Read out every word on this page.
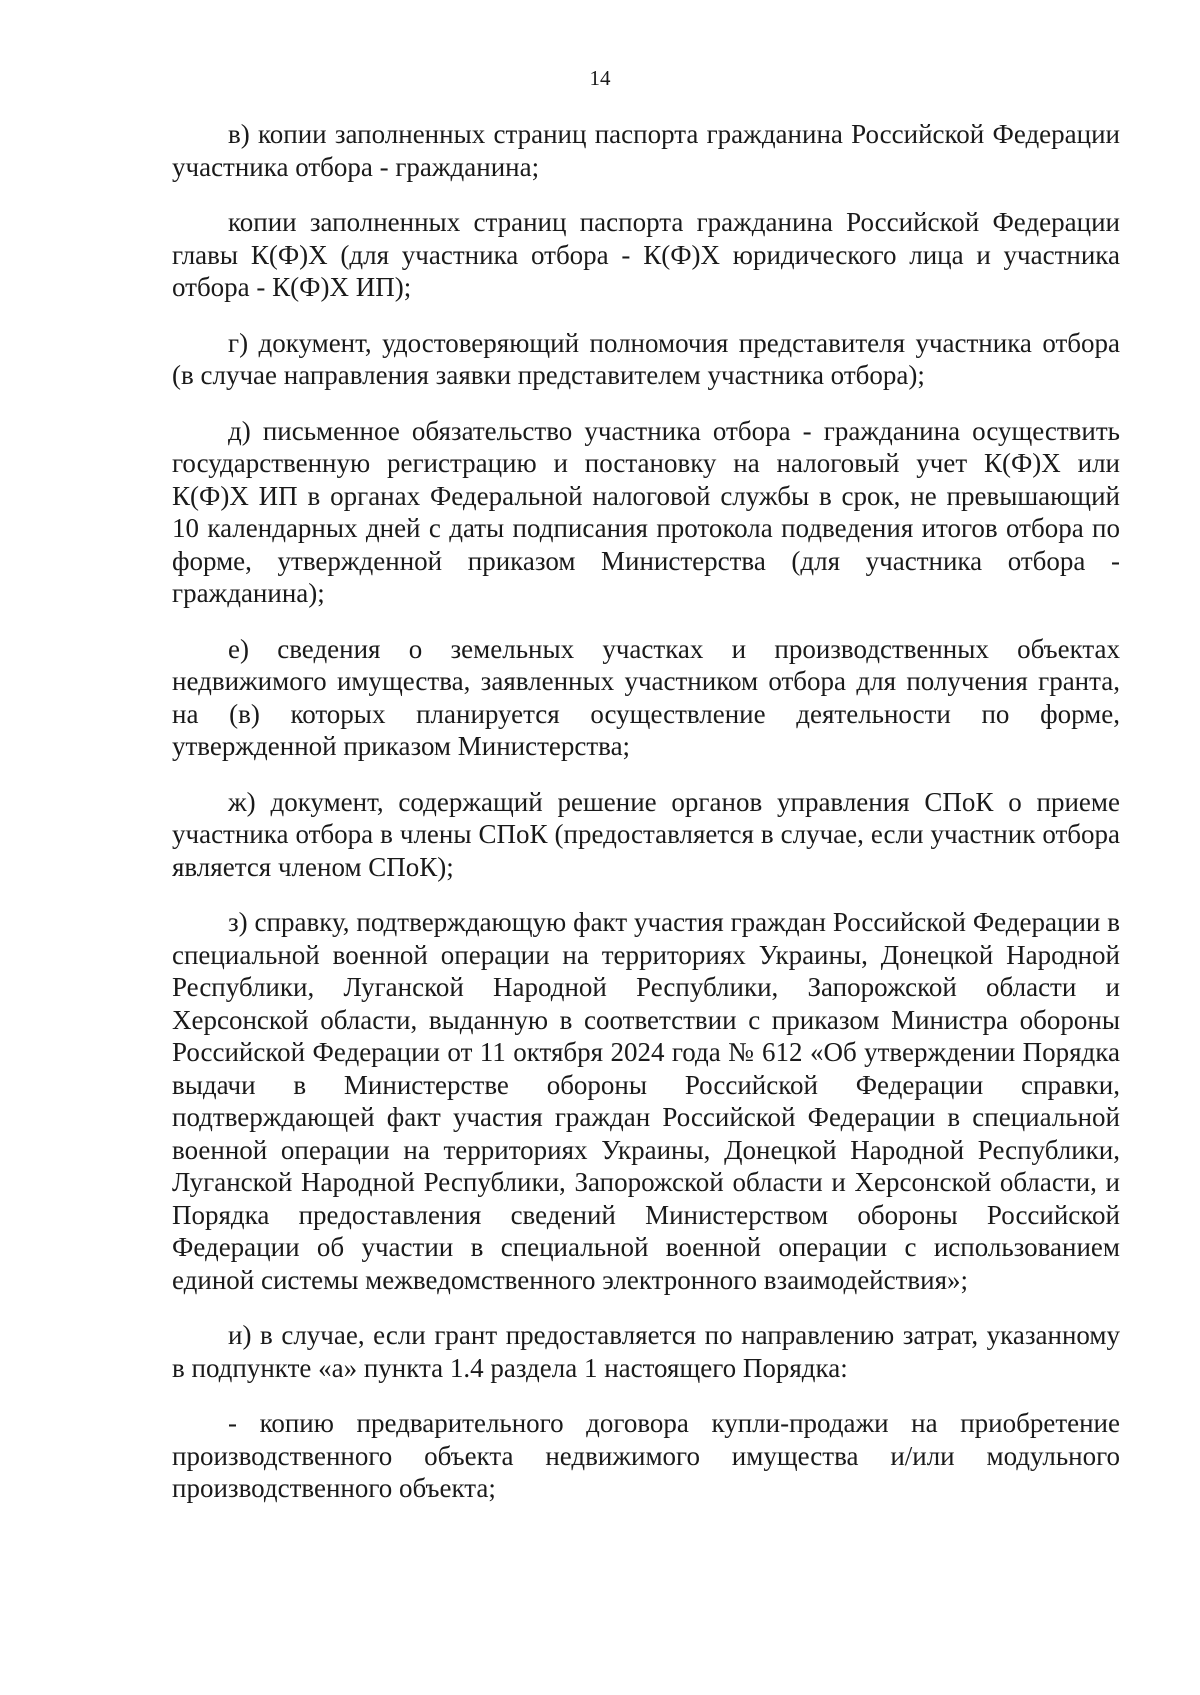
14

в) копии заполненных страниц паспорта гражданина Российской Федерации участника отбора - гражданина;

копии заполненных страниц паспорта гражданина Российской Федерации главы К(Ф)Х (для участника отбора - К(Ф)Х юридического лица и участника отбора - К(Ф)Х ИП);

г) документ, удостоверяющий полномочия представителя участника отбора (в случае направления заявки представителем участника отбора);

д) письменное обязательство участника отбора - гражданина осуществить государственную регистрацию и постановку на налоговый учет К(Ф)Х или К(Ф)Х ИП в органах Федеральной налоговой службы в срок, не превышающий 10 календарных дней с даты подписания протокола подведения итогов отбора по форме, утвержденной приказом Министерства (для участника отбора - гражданина);

е) сведения о земельных участках и производственных объектах недвижимого имущества, заявленных участником отбора для получения гранта, на (в) которых планируется осуществление деятельности по форме, утвержденной приказом Министерства;

ж) документ, содержащий решение органов управления СПоК о приеме участника отбора в члены СПоК (предоставляется в случае, если участник отбора является членом СПоК);

з) справку, подтверждающую факт участия граждан Российской Федерации в специальной военной операции на территориях Украины, Донецкой Народной Республики, Луганской Народной Республики, Запорожской области и Херсонской области, выданную в соответствии с приказом Министра обороны Российской Федерации от 11 октября 2024 года № 612 «Об утверждении Порядка выдачи в Министерстве обороны Российской Федерации справки, подтверждающей факт участия граждан Российской Федерации в специальной военной операции на территориях Украины, Донецкой Народной Республики, Луганской Народной Республики, Запорожской области и Херсонской области, и Порядка предоставления сведений Министерством обороны Российской Федерации об участии в специальной военной операции с использованием единой системы межведомственного электронного взаимодействия»;

и) в случае, если грант предоставляется по направлению затрат, указанному в подпункте «а» пункта 1.4 раздела 1 настоящего Порядка:

- копию предварительного договора купли-продажи на приобретение производственного объекта недвижимого имущества и/или модульного производственного объекта;
